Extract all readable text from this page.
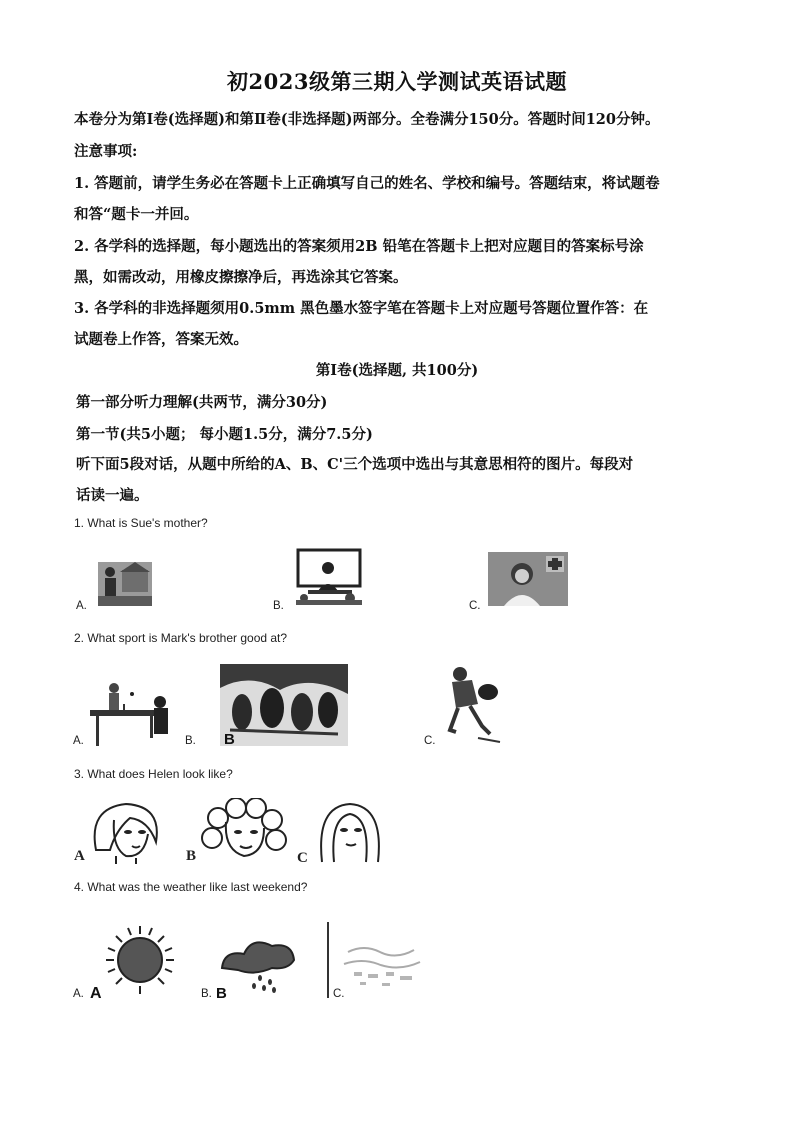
初2023级第三期入学测试英语试题
本卷分为第Ⅰ卷(选择题)和第Ⅱ卷(非选择题)两部分。全卷满分150分。答题时间120分钟。
注意事项:
1. 答题前，请学生务必在答题卡上正确填写自己的姓名、学校和编号。答题结束，将试题卷
和答“题卡一并回。
2. 各学科的选择题，每小题选出的答案须用2B 铅笔在答题卡上把对应题目的答案标号涂
黑，如需改动，用橡皮擦擦净后，再选涂其它答案。
3. 各学科的非选择题须用0.5mm 黑色墨水签字笔在答题卡上对应题号答题位置作答：在
试题卷上作答，答案无效。
第Ⅰ卷(选择题, 共100分)
第一部分听力理解(共两节，满分30分)
第一节(共5小题； 每小题1.5分，满分7.5分)
听下面5段对话，从题中所给的A、B、C'三个选项中选出与其意思相符的图片。每段对
话读一遍。
1. What is Sue's mother?
A.	B.	C.
2. What sport is Mark's brother good at?
A.	B. B	C.
3. What does Helen look like?
A	B	C
4. What was the weather like last weekend?
A. A	B. B	C.
